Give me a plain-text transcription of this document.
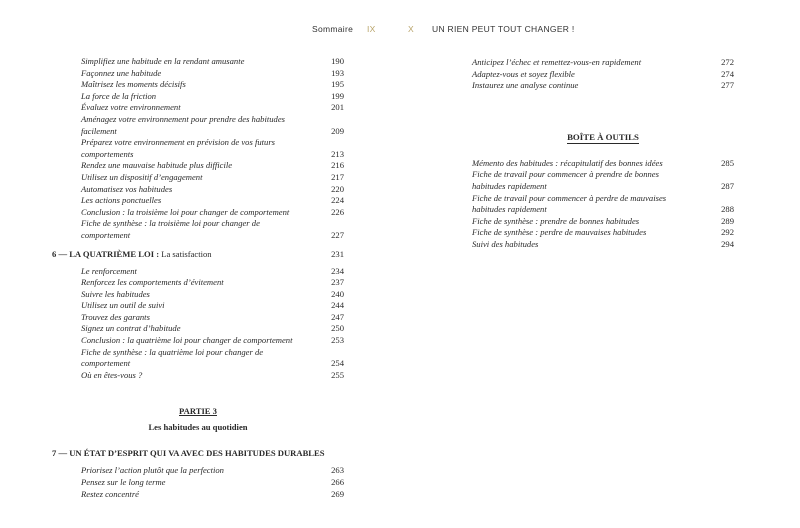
Sommaire IX	X UN RIEN PEUT TOUT CHANGER !
Simplifiez une habitude en la rendant amusante	190
Façonnez une habitude	193
Maîtrisez les moments décisifs	195
La force de la friction	199
Évaluez votre environnement	201
Aménagez votre environnement pour prendre des habitudes facilement	209
Préparez votre environnement en prévision de vos futurs comportements	213
Rendez une mauvaise habitude plus difficile	216
Utilisez un dispositif d’engagement	217
Automatisez vos habitudes	220
Les actions ponctuelles	224
Conclusion : la troisième loi pour changer de comportement	226
Fiche de synthèse : la troisième loi pour changer de comportement	227
6 — LA QUATRIÈME LOI : La satisfaction	231
Le renforcement	234
Renforcez les comportements d’évitement	237
Suivre les habitudes	240
Utilisez un outil de suivi	244
Trouvez des garants	247
Signez un contrat d’habitude	250
Conclusion : la quatrième loi pour changer de comportement	253
Fiche de synthèse : la quatrième loi pour changer de comportement	254
Où en êtes-vous ?	255
PARTIE 3
Les habitudes au quotidien
7 — UN ÉTAT D’ESPRIT QUI VA AVEC DES HABITUDES DURABLES
Priorisez l’action plutôt que la perfection	263
Pensez sur le long terme	266
Restez concentré	269
Anticipez l’échec et remettez-vous-en rapidement	272
Adaptez-vous et soyez flexible	274
Instaurez une analyse continue	277
BOÎTE À OUTILS
Mémento des habitudes : récapitulatif des bonnes idées	285
Fiche de travail pour commencer à prendre de bonnes habitudes rapidement	287
Fiche de travail pour commencer à perdre de mauvaises habitudes rapidement	288
Fiche de synthèse : prendre de bonnes habitudes	289
Fiche de synthèse : perdre de mauvaises habitudes	292
Suivi des habitudes	294
